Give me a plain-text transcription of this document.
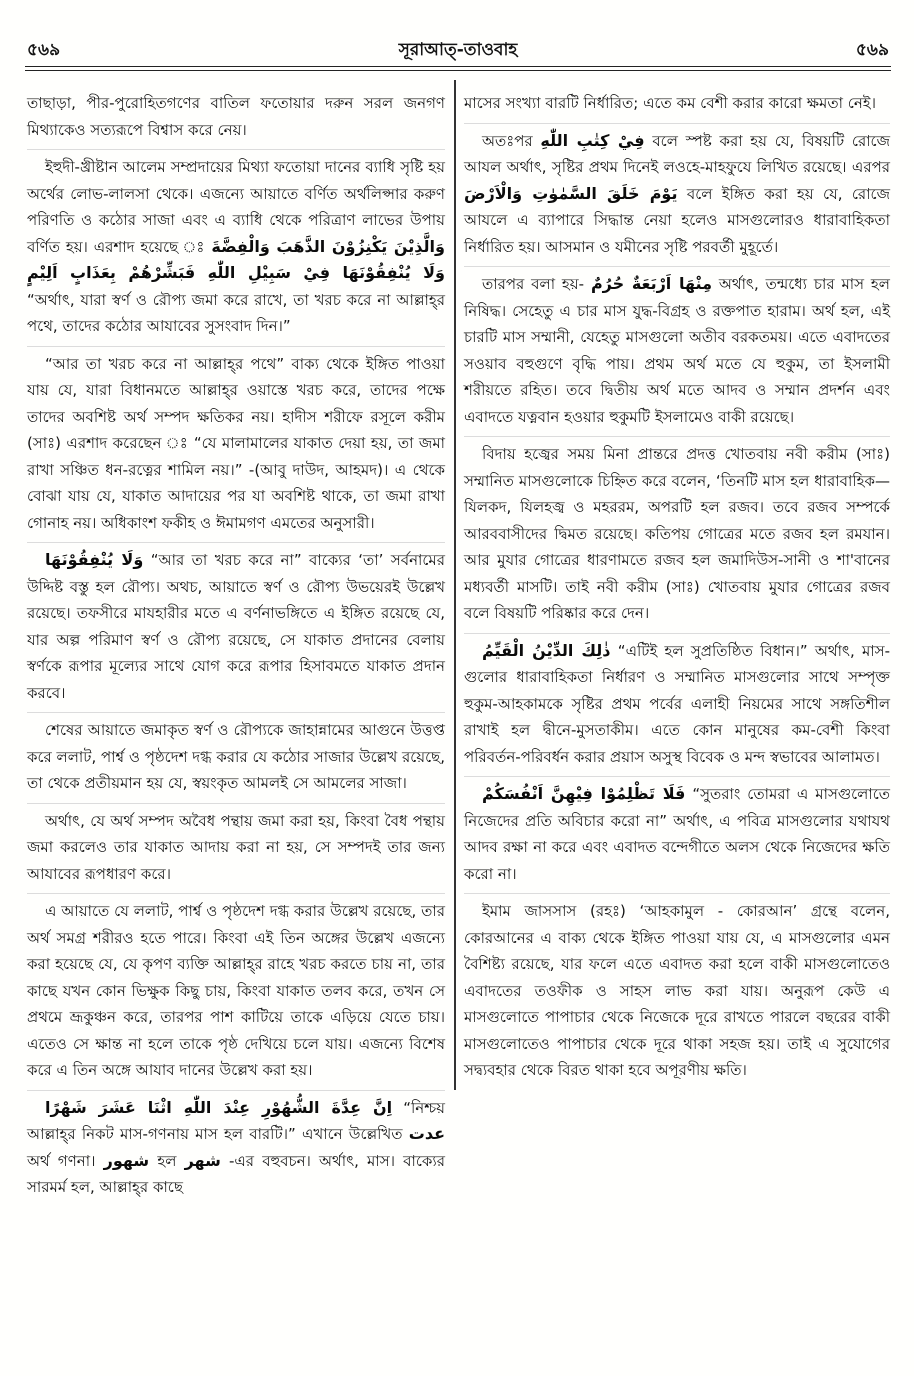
৫৬৯	সূরাআত্-তাওবাহ	৫৬৯

তাছাড়া, পীর-পুরোহিতগণের বাতিল ফতোয়ার দরুন সরল জনগণ মিথ্যাকেও সত্যরূপে বিশ্বাস করে নেয়।

ইহুদী-খ্রীষ্টান আলেম সম্প্রদায়ের মিথ্যা ফতোয়া দানের ব্যাধি সৃষ্টি হয় অর্থের লোভ-লালসা থেকে। এজন্যে আয়াতে বর্ণিত অর্থলিপ্সার করুণ পরিণতি ও কঠোর সাজা এবং এ ব্যাধি থেকে পরিত্রাণ লাভের উপায় বর্ণিত হয়। এরশাদ হয়েছে ঃ وَالَّذِيْنَ يَكْنِزُوْنَ الذَّهَبَ وَالْفِضَّةَ وَلَا يُنْفِقُوْنَهَا فِيْ سَبِيْلِ اللّٰهِ فَبَشِّرْهُمْ بِعَذَابٍ اَلِيْمٍ “অর্থাৎ, যারা স্বর্ণ ও রৌপ্য জমা করে রাখে, তা খরচ করে না আল্লাহ্‌র পথে, তাদের কঠোর আযাবের সুসংবাদ দিন।”

“আর তা খরচ করে না আল্লাহ্‌র পথে” বাক্য থেকে ইঙ্গিত পাওয়া যায় যে, যারা বিধানমতে আল্লাহ্‌র ওয়াস্তে খরচ করে, তাদের পক্ষে তাদের অবশিষ্ট অর্থ সম্পদ ক্ষতিকর নয়। হাদীস শরীফে রসূলে করীম (সাঃ) এরশাদ করেছেন ঃ “যে মালামালের যাকাত দেয়া হয়, তা জমা রাখা সঞ্চিত ধন-রত্নের শামিল নয়।” -(আবু দাউদ, আহমদ)। এ থেকে বোঝা যায় যে, যাকাত আদায়ের পর যা অবশিষ্ট থাকে, তা জমা রাখা গোনাহ নয়। অধিকাংশ ফকীহ ও ঈমামগণ এমতের অনুসারী।

وَلَا يُنْفِقُوْنَهَا “আর তা খরচ করে না” বাক্যের ‘তা’ সর্বনামের উদ্দিষ্ট বস্তু হল রৌপ্য। অথচ, আয়াতে স্বর্ণ ও রৌপ্য উভয়েরই উল্লেখ রয়েছে। তফসীরে মাযহারীর মতে এ বর্ণনাভঙ্গিতে এ ইঙ্গিত রয়েছে যে, যার অল্প পরিমাণ স্বর্ণ ও রৌপ্য রয়েছে, সে যাকাত প্রদানের বেলায় স্বর্ণকে রূপার মূল্যের সাথে যোগ করে রূপার হিসাবমতে যাকাত প্রদান করবে।

শেষের আয়াতে জমাকৃত স্বর্ণ ও রৌপ্যকে জাহান্নামের আগুনে উত্তপ্ত করে ললাট, পার্শ্ব ও পৃষ্ঠদেশ দগ্ধ করার যে কঠোর সাজার উল্লেখ রয়েছে, তা থেকে প্রতীয়মান হয় যে, স্বয়ংকৃত আমলই সে আমলের সাজা।

অর্থাৎ, যে অর্থ সম্পদ অবৈধ পন্থায় জমা করা হয়, কিংবা বৈধ পন্থায় জমা করলেও তার যাকাত আদায় করা না হয়, সে সম্পদই তার জন্য আযাবের রূপধারণ করে।

এ আয়াতে যে ললাট, পার্শ্ব ও পৃষ্ঠদেশ দগ্ধ করার উল্লেখ রয়েছে, তার অর্থ সমগ্র শরীরও হতে পারে। কিংবা এই তিন অঙ্গের উল্লেখ এজন্যে করা হয়েছে যে, যে কৃপণ ব্যক্তি আল্লাহ্‌র রাহে খরচ করতে চায় না, তার কাছে যখন কোন ভিক্ষুক কিছু চায়, কিংবা যাকাত তলব করে, তখন সে প্রথমে ভ্রূকুঞ্চন করে, তারপর পাশ কাটিয়ে তাকে এড়িয়ে যেতে চায়। এতেও সে ক্ষান্ত না হলে তাকে পৃষ্ঠ দেখিয়ে চলে যায়। এজন্যে বিশেষ করে এ তিন অঙ্গে আযাব দানের উল্লেখ করা হয়।

اِنَّ عِدَّةَ الشُّهُوْرِ عِنْدَ اللّٰهِ اثْنَا عَشَرَ شَهْرًا “নিশ্চয় আল্লাহ্‌র নিকট মাস-গণনায় মাস হল বারটি।” এখানে উল্লেখিত عدت অর্থ গণনা। شهور হল شهر -এর বহুবচন। অর্থাৎ, মাস। বাক্যের সারমর্ম হল, আল্লাহ্‌র কাছে

মাসের সংখ্যা বারটি নির্ধারিত; এতে কম বেশী করার কারো ক্ষমতা নেই।

অতঃপর فِيْ كِتٰبِ اللّٰهِ বলে স্পষ্ট করা হয় যে, বিষয়টি রোজে আযল অর্থাৎ, সৃষ্টির প্রথম দিনেই লওহে-মাহফুযে লিখিত রয়েছে। এরপর يَوْمَ خَلَقَ السَّمٰوٰتِ وَالْاَرْضَ বলে ইঙ্গিত করা হয় যে, রোজে আযলে এ ব্যাপারে সিদ্ধান্ত নেয়া হলেও মাসগুলোরও ধারাবাহিকতা নির্ধারিত হয়। আসমান ও যমীনের সৃষ্টি পরবর্তী মুহূর্তে।

তারপর বলা হয়- مِنْهَا اَرْبَعَةٌ حُرُمٌ অর্থাৎ, তন্মধ্যে চার মাস হল নিষিদ্ধ। সেহেতু এ চার মাস যুদ্ধ-বিগ্রহ ও রক্তপাত হারাম। অর্থ হল, এই চারটি মাস সম্মানী, যেহেতু মাসগুলো অতীব বরকতময়। এতে এবাদতের সওয়াব বহুগুণে বৃদ্ধি পায়। প্রথম অর্থ মতে যে হুকুম, তা ইসলামী শরীয়তে রহিত। তবে দ্বিতীয় অর্থ মতে আদব ও সম্মান প্রদর্শন এবং এবাদতে যত্নবান হওয়ার হুকুমটি ইসলামেও বাকী রয়েছে।

বিদায় হজ্বের সময় মিনা প্রান্তরে প্রদত্ত খোতবায় নবী করীম (সাঃ) সম্মানিত মাসগুলোকে চিহ্নিত করে বলেন, ‘তিনটি মাস হল ধারাবাহিক— যিলকদ, যিলহজ্ব ও মহররম, অপরটি হল রজব। তবে রজব সম্পর্কে আরববাসীদের দ্বিমত রয়েছে। কতিপয় গোত্রের মতে রজব হল রমযান। আর মুযার গোত্রের ধারণামতে রজব হল জমাদিউস-সানী ও শা'বানের মধ্যবর্তী মাসটি। তাই নবী করীম (সাঃ) খোতবায় মুযার গোত্রের রজব বলে বিষয়টি পরিষ্কার করে দেন।

ذٰلِكَ الدِّيْنُ الْقَيِّمُ “এটিই হল সুপ্রতিষ্ঠিত বিধান।” অর্থাৎ, মাস-গুলোর ধারাবাহিকতা নির্ধারণ ও সম্মানিত মাসগুলোর সাথে সম্পৃক্ত হুকুম-আহকামকে সৃষ্টির প্রথম পর্বের এলাহী নিয়মের সাথে সঙ্গতিশীল রাখাই হল দ্বীনে-মুসতাকীম। এতে কোন মানুষের কম-বেশী কিংবা পরিবর্তন-পরিবর্ধন করার প্রয়াস অসুস্থ বিবেক ও মন্দ স্বভাবের আলামত।

فَلَا تَظْلِمُوْا فِيْهِنَّ اَنْفُسَكُمْ “সুতরাং তোমরা এ মাসগুলোতে নিজেদের প্রতি অবিচার করো না” অর্থাৎ, এ পবিত্র মাসগুলোর যথাযথ আদব রক্ষা না করে এবং এবাদত বন্দেগীতে অলস থেকে নিজেদের ক্ষতি করো না।

ইমাম জাসসাস (রহঃ) ‘আহকামুল - কোরআন’ গ্রন্থে বলেন, কোরআনের এ বাক্য থেকে ইঙ্গিত পাওয়া যায় যে, এ মাসগুলোর এমন বৈশিষ্ট্য রয়েছে, যার ফলে এতে এবাদত করা হলে বাকী মাসগুলোতেও এবাদতের তওফীক ও সাহস লাভ করা যায়। অনুরূপ কেউ এ মাসগুলোতে পাপাচার থেকে নিজেকে দূরে রাখতে পারলে বছরের বাকী মাসগুলোতেও পাপাচার থেকে দূরে থাকা সহজ হয়। তাই এ সুযোগের সদ্ব্যবহার থেকে বিরত থাকা হবে অপূরণীয় ক্ষতি।
